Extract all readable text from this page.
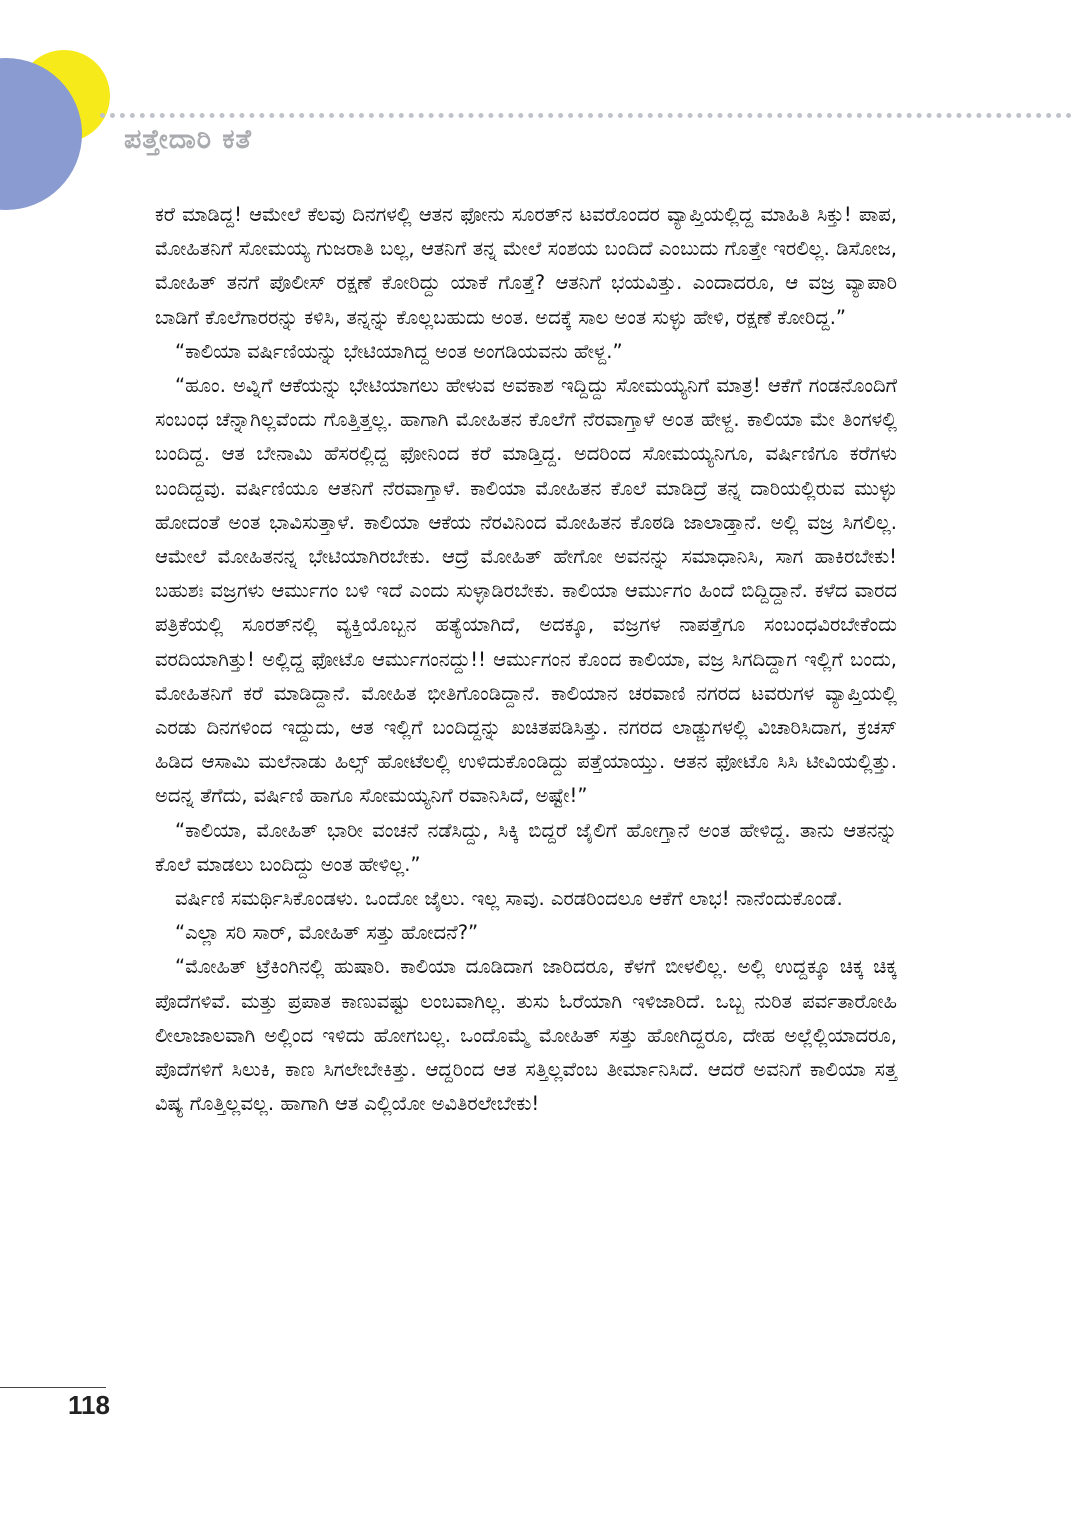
ಪತ್ತೇದಾರಿ ಕತೆ

ಕರೆ ಮಾಡಿದ್ದ! ಆಮೇಲೆ ಕೆಲವು ದಿನಗಳಲ್ಲಿ ಆತನ ಫೋನು ಸೂರತ್‌ನ ಟವರೊಂದರ ವ್ಯಾಪ್ತಿಯಲ್ಲಿದ್ದ ಮಾಹಿತಿ ಸಿಕ್ತು! ಪಾಪ, ಮೋಹಿತನಿಗೆ ಸೋಮಯ್ಯ ಗುಜರಾತಿ ಬಲ್ಲ, ಆತನಿಗೆ ತನ್ನ ಮೇಲೆ ಸಂಶಯ ಬಂದಿದೆ ಎಂಬುದು ಗೊತ್ತೇ ಇರಲಿಲ್ಲ. ಡಿಸೋಜ, ಮೋಹಿತ್ ತನಗೆ ಪೊಲೀಸ್ ರಕ್ಷಣೆ ಕೋರಿದ್ದು ಯಾಕೆ ಗೊತ್ತೆ? ಆತನಿಗೆ ಭಯವಿತ್ತು. ಎಂದಾದರೂ, ಆ ವಜ್ರ ವ್ಯಾಪಾರಿ ಬಾಡಿಗೆ ಕೊಲೆಗಾರರನ್ನು ಕಳಿಸಿ, ತನ್ನನ್ನು ಕೊಲ್ಲಬಹುದು ಅಂತ. ಅದಕ್ಕೆ ಸಾಲ ಅಂತ ಸುಳ್ಳು ಹೇಳಿ, ರಕ್ಷಣೆ ಕೋರಿದ್ದ.”

“ಕಾಲಿಯಾ ವರ್ಷಿಣಿಯನ್ನು ಭೇಟಿಯಾಗಿದ್ದ ಅಂತ ಅಂಗಡಿಯವನು ಹೇಳ್ದ.”

“ಹೂಂ. ಅವ್ನಿಗೆ ಆಕೆಯನ್ನು ಭೇಟಿಯಾಗಲು ಹೇಳುವ ಅವಕಾಶ ಇದ್ದಿದ್ದು ಸೋಮಯ್ಯನಿಗೆ ಮಾತ್ರ! ಆಕೆಗೆ ಗಂಡನೊಂದಿಗೆ ಸಂಬಂಧ ಚೆನ್ನಾಗಿಲ್ಲವೆಂದು ಗೊತ್ತಿತ್ತಲ್ಲ. ಹಾಗಾಗಿ ಮೋಹಿತನ ಕೊಲೆಗೆ ನೆರವಾಗ್ತಾಳೆ ಅಂತ ಹೇಳ್ದ. ಕಾಲಿಯಾ ಮೇ ತಿಂಗಳಲ್ಲಿ ಬಂದಿದ್ದ. ಆತ ಬೇನಾಮಿ ಹೆಸರಲ್ಲಿದ್ದ ಫೋನಿಂದ ಕರೆ ಮಾಡ್ತಿದ್ದ. ಅದರಿಂದ ಸೋಮಯ್ಯನಿಗೂ, ವರ್ಷಿಣಿಗೂ ಕರೆಗಳು ಬಂದಿದ್ದವು. ವರ್ಷಿಣಿಯೂ ಆತನಿಗೆ ನೆರವಾಗ್ತಾಳೆ. ಕಾಲಿಯಾ ಮೋಹಿತನ ಕೊಲೆ ಮಾಡಿದ್ರೆ ತನ್ನ ದಾರಿಯಲ್ಲಿರುವ ಮುಳ್ಳು ಹೋದಂತೆ ಅಂತ ಭಾವಿಸುತ್ತಾಳೆ. ಕಾಲಿಯಾ ಆಕೆಯ ನೆರವಿನಿಂದ ಮೋಹಿತನ ಕೊಠಡಿ ಜಾಲಾಡ್ತಾನೆ. ಅಲ್ಲಿ ವಜ್ರ ಸಿಗಲಿಲ್ಲ. ಆಮೇಲೆ ಮೋಹಿತನನ್ನ ಭೇಟಿಯಾಗಿರಬೇಕು. ಆದ್ರೆ ಮೋಹಿತ್ ಹೇಗೋ ಅವನನ್ನು ಸಮಾಧಾನಿಸಿ, ಸಾಗ ಹಾಕಿರಬೇಕು! ಬಹುಶಃ ವಜ್ರಗಳು ಆರ್ಮುಗಂ ಬಳಿ ಇದೆ ಎಂದು ಸುಳ್ಳಾಡಿರಬೇಕು. ಕಾಲಿಯಾ ಆರ್ಮುಗಂ ಹಿಂದೆ ಬಿದ್ದಿದ್ದಾನೆ. ಕಳೆದ ವಾರದ ಪತ್ರಿಕೆಯಲ್ಲಿ ಸೂರತ್‌ನಲ್ಲಿ ವ್ಯಕ್ತಿಯೊಬ್ಬನ ಹತ್ಯೆಯಾಗಿದೆ, ಅದಕ್ಕೂ, ವಜ್ರಗಳ ನಾಪತ್ತೆಗೂ ಸಂಬಂಧವಿರಬೇಕೆಂದು ವರದಿಯಾಗಿತ್ತು! ಅಲ್ಲಿದ್ದ ಫೋಟೊ ಆರ್ಮುಗಂನದ್ದು!! ಆರ್ಮುಗಂನ ಕೊಂದ ಕಾಲಿಯಾ, ವಜ್ರ ಸಿಗದಿದ್ದಾಗ ಇಲ್ಲಿಗೆ ಬಂದು, ಮೋಹಿತನಿಗೆ ಕರೆ ಮಾಡಿದ್ದಾನೆ. ಮೋಹಿತ ಭೀತಿಗೊಂಡಿದ್ದಾನೆ. ಕಾಲಿಯಾನ ಚರವಾಣಿ ನಗರದ ಟವರುಗಳ ವ್ಯಾಪ್ತಿಯಲ್ಲಿ ಎರಡು ದಿನಗಳಿಂದ ಇದ್ದುದು, ಆತ ಇಲ್ಲಿಗೆ ಬಂದಿದ್ದನ್ನು ಖಚಿತಪಡಿಸಿತ್ತು. ನಗರದ ಲಾಡ್ಜುಗಳಲ್ಲಿ ವಿಚಾರಿಸಿದಾಗ, ಕ್ರಚಸ್ ಹಿಡಿದ ಆಸಾಮಿ ಮಲೆನಾಡು ಹಿಲ್ಸ್ ಹೋಟೆಲಲ್ಲಿ ಉಳಿದುಕೊಂಡಿದ್ದು ಪತ್ತೆಯಾಯ್ತು. ಆತನ ಫೋಟೊ ಸಿಸಿ ಟೀವಿಯಲ್ಲಿತ್ತು. ಅದನ್ನ ತೆಗೆದು, ವರ್ಷಿಣಿ ಹಾಗೂ ಸೋಮಯ್ಯನಿಗೆ ರವಾನಿಸಿದೆ, ಅಷ್ಟೇ!”

“ಕಾಲಿಯಾ, ಮೋಹಿತ್ ಭಾರೀ ವಂಚನೆ ನಡೆಸಿದ್ದು, ಸಿಕ್ಕಿ ಬಿದ್ದರೆ ಜೈಲಿಗೆ ಹೋಗ್ತಾನೆ ಅಂತ ಹೇಳಿದ್ದ. ತಾನು ಆತನನ್ನು ಕೊಲೆ ಮಾಡಲು ಬಂದಿದ್ದು ಅಂತ ಹೇಳಿಲ್ಲ.”

ವರ್ಷಿಣಿ ಸಮರ್ಥಿಸಿಕೊಂಡಳು. ಒಂದೋ ಜೈಲು. ಇಲ್ಲ ಸಾವು. ಎರಡರಿಂದಲೂ ಆಕೆಗೆ ಲಾಭ! ನಾನೆಂದುಕೊಂಡೆ.

“ಎಲ್ಲಾ ಸರಿ ಸಾರ್, ಮೋಹಿತ್ ಸತ್ತು ಹೋದನೆ?”

“ಮೋಹಿತ್ ಟ್ರೆಕಿಂಗಿನಲ್ಲಿ ಹುಷಾರಿ. ಕಾಲಿಯಾ ದೂಡಿದಾಗ ಜಾರಿದರೂ, ಕೆಳಗೆ ಬೀಳಲಿಲ್ಲ. ಅಲ್ಲಿ ಉದ್ದಕ್ಕೂ ಚಿಕ್ಕ ಚಿಕ್ಕ ಪೊದೆಗಳಿವೆ. ಮತ್ತು ಪ್ರಪಾತ ಕಾಣುವಷ್ಟು ಲಂಬವಾಗಿಲ್ಲ. ತುಸು ಓರೆಯಾಗಿ ಇಳಿಜಾರಿದೆ. ಒಬ್ಬ ನುರಿತ ಪರ್ವತಾರೋಹಿ ಲೀಲಾಜಾಲವಾಗಿ ಅಲ್ಲಿಂದ ಇಳಿದು ಹೋಗಬಲ್ಲ. ಒಂದೊಮ್ಮೆ ಮೋಹಿತ್ ಸತ್ತು ಹೋಗಿದ್ದರೂ, ದೇಹ ಅಲ್ಲೆಲ್ಲಿಯಾದರೂ, ಪೊದೆಗಳಿಗೆ ಸಿಲುಕಿ, ಕಾಣ ಸಿಗಲೇಬೇಕಿತ್ತು. ಆದ್ದರಿಂದ ಆತ ಸತ್ತಿಲ್ಲವೆಂಬ ತೀರ್ಮಾನಿಸಿದೆ. ಆದರೆ ಅವನಿಗೆ ಕಾಲಿಯಾ ಸತ್ತ ವಿಷ್ಯ ಗೊತ್ತಿಲ್ಲವಲ್ಲ. ಹಾಗಾಗಿ ಆತ ಎಲ್ಲಿಯೋ ಅವಿತಿರಲೇಬೇಕು!

118
